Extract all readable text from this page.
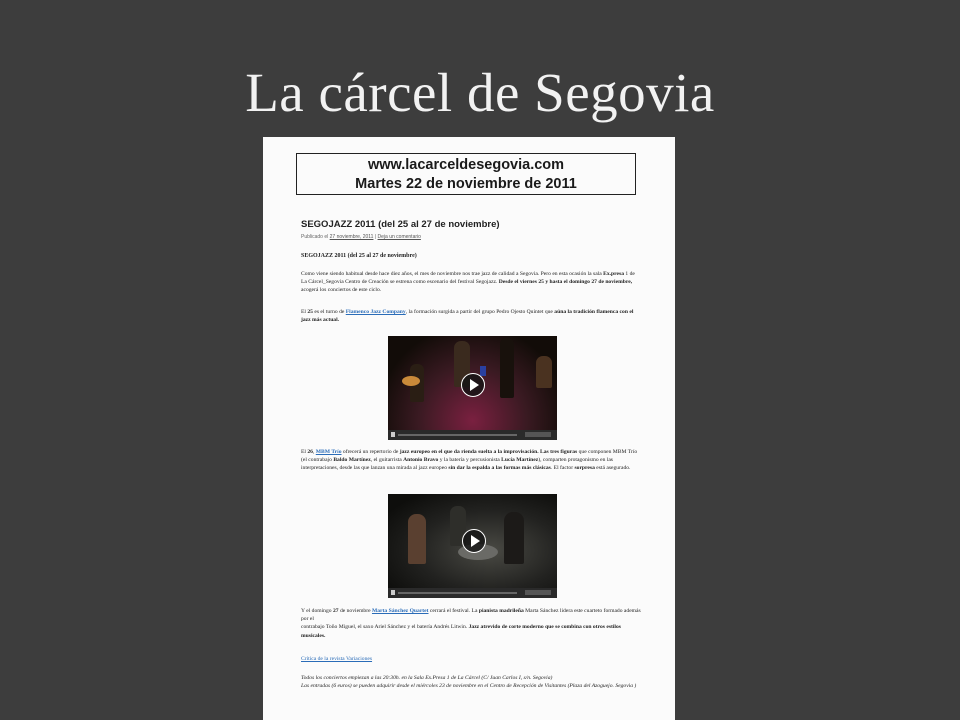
La cárcel de Segovia
www.lacarceldesegovia.com
Martes 22 de noviembre de 2011
SEGOJAZZ 2011 (del 25 al 27 de noviembre)
Publicado el 27 noviembre, 2011 | Deja un comentario
SEGOJAZZ 2011 (del 25 al 27 de noviembre)
Como viene siendo habitual desde hace diez años, el mes de noviembre nos trae jazz de calidad a Segovia. Pero en esta ocasión la sala Ex.presa 1 de La Cárcel_Segovia Centro de Creación se estrena como escenario del festival Segojazz. Desde el viernes 25 y hasta el domingo 27 de noviembre, acogerá los conciertos de este ciclo.
El 25 es el turno de Flamenco Jazz Company, la formación surgida a partir del grupo Pedro Ojesto Quintet que aúna la tradición flamenca con el jazz más actual.
El 26, MBM Trío ofrecerá un repertorio de jazz europeo en el que da rienda suelta a la improvisación. Las tres figuras que componen MBM Trío (el contrabajo Baldo Martínez, el guitarrista Antonio Bravo y la batería y percusionista Lucía Martínez), comparten protagonismo en las interpretaciones, desde las que lanzan una mirada al jazz europeo sin dar la espalda a las formas más clásicas. El factor sorpresa está asegurado.
Y el domingo 27 de noviembre Marta Sánchez Quartet cerrará el festival. La pianista madrileña Marta Sánchez lidera este cuarteto formado además por el
contrabajo Toño Miguel, el saxo Ariel Sánchez y el batería Andrés Litwin. Jazz atrevido de corte moderno que se combina con otros estilos musicales.
Crítica de la revista Variaciones
Todos los conciertos empiezan a las 20:30h. en la Sala Ex.Presa 1 de La Cárcel (C/ Juan Carlos I, s/n. Segovia)
Las entradas (6 euros) se pueden adquirir desde el miércoles 23 de noviembre en el Centro de Recepción de Visitantes (Plaza del Azoguejo. Segovia )
